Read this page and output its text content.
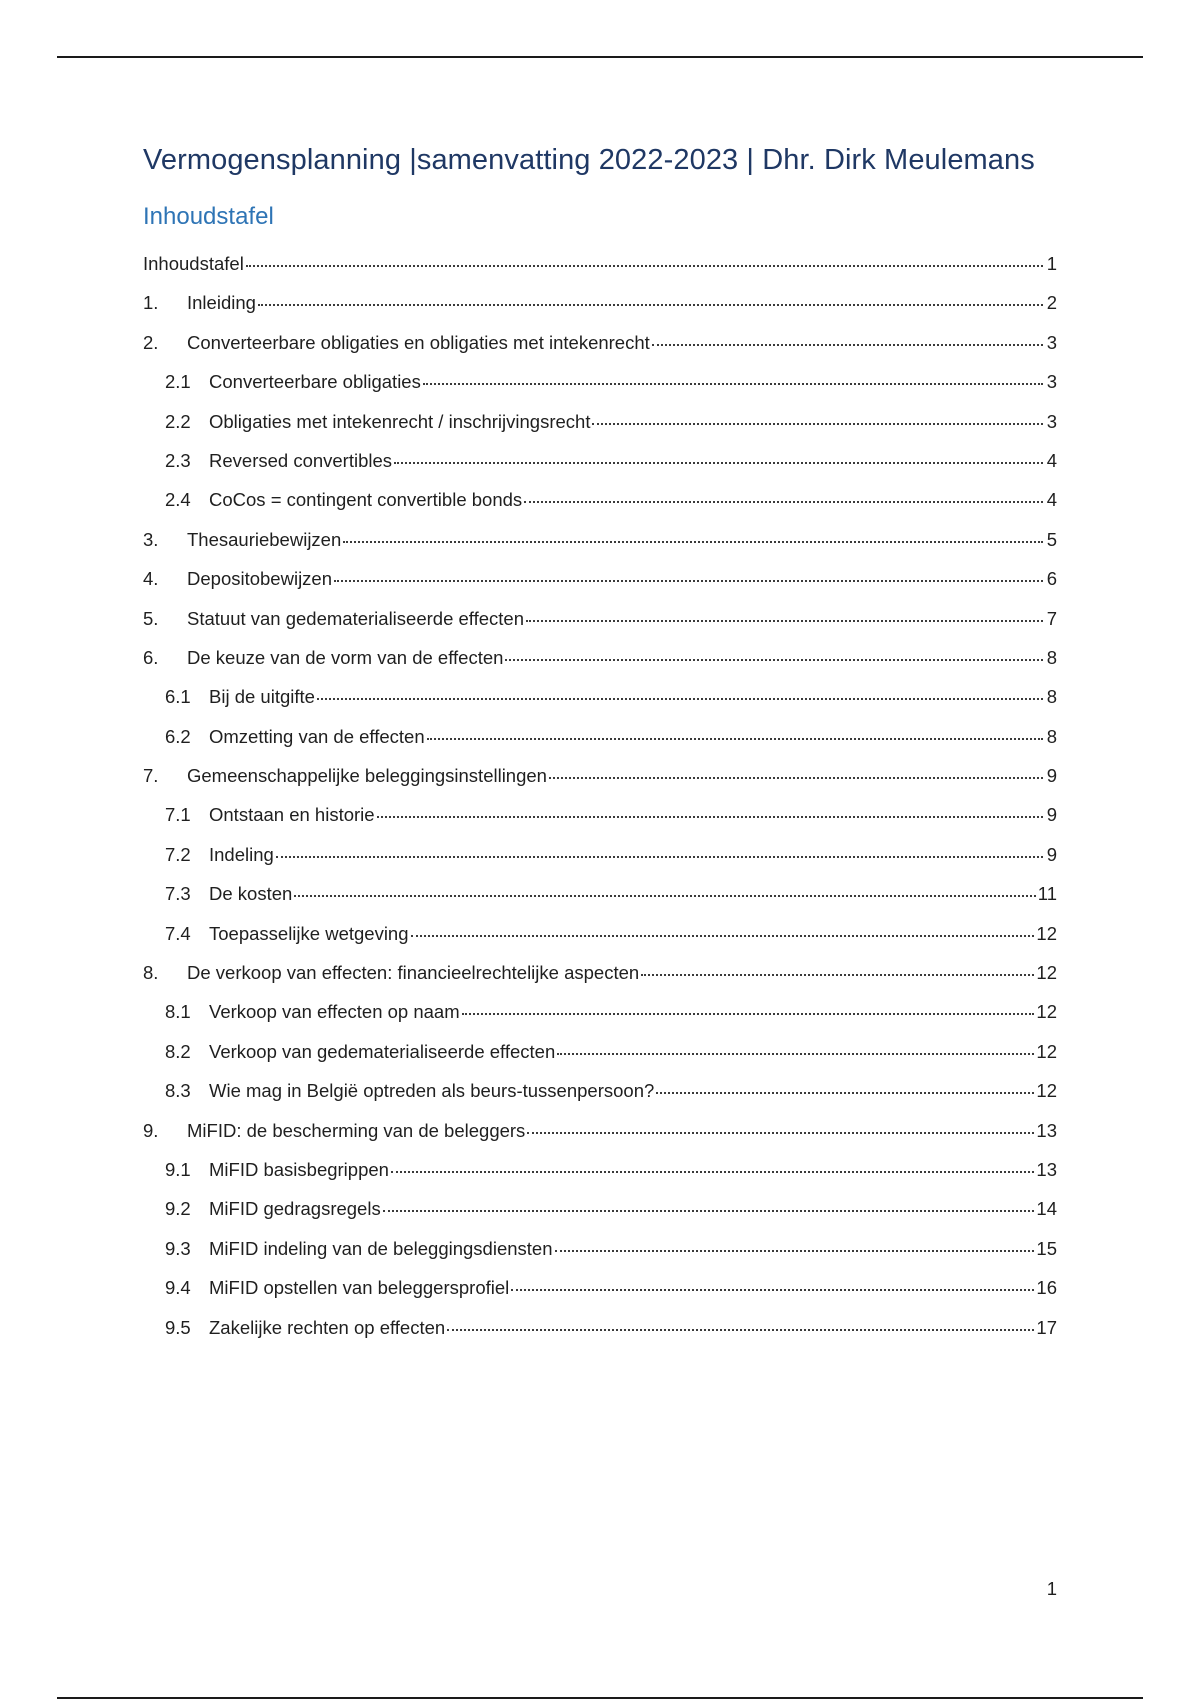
Vermogensplanning |samenvatting 2022-2023 | Dhr. Dirk Meulemans
Inhoudstafel
Inhoudstafel	1
1.	Inleiding	2
2.	Converteerbare obligaties en obligaties met intekenrecht	3
2.1 Converteerbare obligaties	3
2.2 Obligaties met intekenrecht / inschrijvingsrecht	3
2.3 Reversed convertibles	4
2.4 CoCos = contingent convertible bonds	4
3.	Thesauriebewijzen	5
4.	Depositobewijzen	6
5.	Statuut van gedematerialiseerde effecten	7
6.	De keuze van de vorm van de effecten	8
6.1 Bij de uitgifte	8
6.2 Omzetting van de effecten	8
7.	Gemeenschappelijke beleggingsinstellingen	9
7.1 Ontstaan en historie	9
7.2 Indeling	9
7.3 De kosten	11
7.4 Toepasselijke wetgeving	12
8.	De verkoop van effecten: financieelrechtelijke aspecten	12
8.1 Verkoop van effecten op naam	12
8.2 Verkoop van gedematerialiseerde effecten	12
8.3 Wie mag in België optreden als beurs-tussenpersoon?	12
9.	MiFID: de bescherming van de beleggers	13
9.1 MiFID basisbegrippen	13
9.2 MiFID gedragsregels	14
9.3 MiFID indeling van de beleggingsdiensten	15
9.4 MiFID opstellen van beleggersprofiel	16
9.5 Zakelijke rechten op effecten	17
1
